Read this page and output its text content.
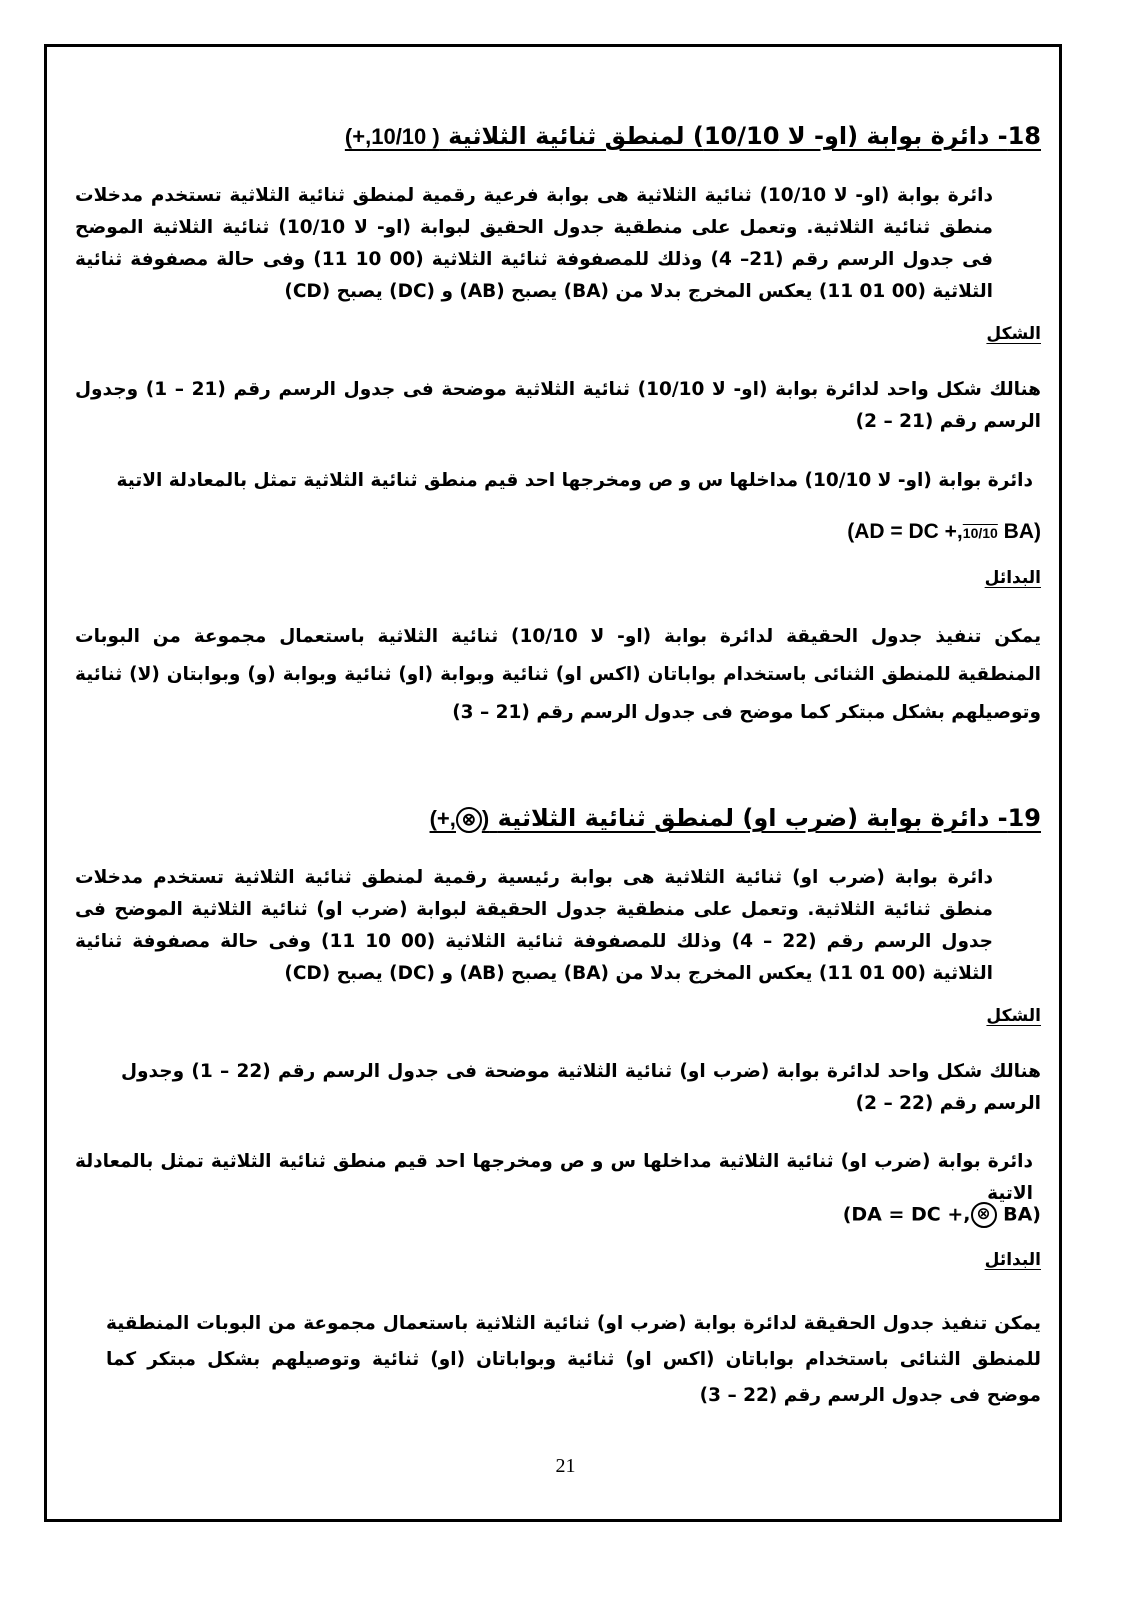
18- دائرة بوابة (او- لا 10/10) لمنطق ثنائية الثلاثية ( 10/10,+)
دائرة بوابة (او- لا 10/10) ثنائية الثلاثية هى بوابة فرعية رقمية لمنطق ثنائية الثلاثية تستخدم مدخلات منطق ثنائية الثلاثية. وتعمل على منطقية جدول الحقيق لبوابة (او- لا 10/10) ثنائية الثلاثية الموضح فى جدول الرسم رقم (21– 4) وذلك للمصفوفة ثنائية الثلاثية (00 10 11) وفى حالة مصفوفة ثنائية الثلاثية (00 01 11) يعكس المخرج بدلا من (BA) يصبح (AB) و (DC) يصبح (CD)
الشكل
هنالك شكل واحد لدائرة بوابة (او- لا 10/10) ثنائية الثلاثية موضحة فى جدول الرسم رقم (21 – 1) وجدول الرسم رقم (21 – 2)
دائرة بوابة (او- لا 10/10) مداخلها س و ص ومخرجها احد قيم منطق ثنائية الثلاثية تمثل بالمعادلة الاتية
(AD = DC +,10/10 BA)
البدائل
يمكن تنفيذ جدول الحقيقة لدائرة بوابة (او- لا 10/10) ثنائية الثلاثية باستعمال مجموعة من البوبات المنطقية للمنطق الثنائى باستخدام بواباتان (اكس او) ثنائية وبوابة (او) ثنائية وبوابة (و) وبوابتان (لا) ثنائية وتوصيلهم بشكل مبتكر كما موضح فى جدول الرسم رقم (21 – 3)
19- دائرة بوابة (ضرب او) لمنطق ثنائية الثلاثية (⊗,+)
دائرة بوابة (ضرب او) ثنائية الثلاثية هى بوابة رئيسية رقمية لمنطق ثنائية الثلاثية تستخدم مدخلات منطق ثنائية الثلاثية. وتعمل على منطقية جدول الحقيقة لبوابة (ضرب او) ثنائية الثلاثية الموضح فى جدول الرسم رقم (22 – 4) وذلك للمصفوفة ثنائية الثلاثية (00 10 11) وفى حالة مصفوفة ثنائية الثلاثية (00 01 11) يعكس المخرج بدلا من (BA) يصبح (AB) و (DC) يصبح (CD)
الشكل
هنالك شكل واحد لدائرة بوابة (ضرب او) ثنائية الثلاثية موضحة فى جدول الرسم رقم (22 – 1) وجدول الرسم رقم (22 – 2)
دائرة بوابة (ضرب او) ثنائية الثلاثية مداخلها س و ص ومخرجها احد قيم منطق ثنائية الثلاثية تمثل بالمعادلة الاتية
(DA = DC +, ⊗ BA)
البدائل
يمكن تنفيذ جدول الحقيقة لدائرة بوابة (ضرب او) ثنائية الثلاثية باستعمال مجموعة من البوبات المنطقية للمنطق الثنائى باستخدام بواباتان (اكس او) ثنائية وبواباتان (او) ثنائية وتوصيلهم بشكل مبتكر كما موضح فى جدول الرسم رقم (22 – 3)
21
